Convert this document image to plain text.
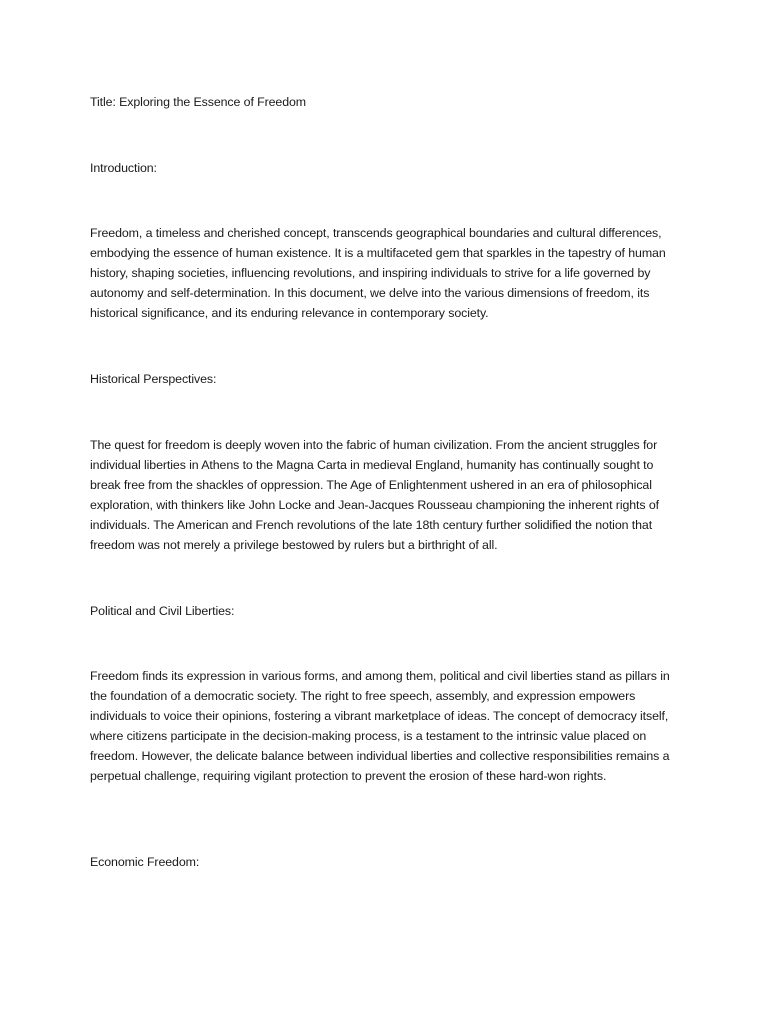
Title: Exploring the Essence of Freedom

Introduction:

Freedom, a timeless and cherished concept, transcends geographical boundaries and cultural differences, embodying the essence of human existence. It is a multifaceted gem that sparkles in the tapestry of human history, shaping societies, influencing revolutions, and inspiring individuals to strive for a life governed by autonomy and self-determination. In this document, we delve into the various dimensions of freedom, its historical significance, and its enduring relevance in contemporary society.

Historical Perspectives:

The quest for freedom is deeply woven into the fabric of human civilization. From the ancient struggles for individual liberties in Athens to the Magna Carta in medieval England, humanity has continually sought to break free from the shackles of oppression. The Age of Enlightenment ushered in an era of philosophical exploration, with thinkers like John Locke and Jean-Jacques Rousseau championing the inherent rights of individuals. The American and French revolutions of the late 18th century further solidified the notion that freedom was not merely a privilege bestowed by rulers but a birthright of all.

Political and Civil Liberties:

Freedom finds its expression in various forms, and among them, political and civil liberties stand as pillars in the foundation of a democratic society. The right to free speech, assembly, and expression empowers individuals to voice their opinions, fostering a vibrant marketplace of ideas. The concept of democracy itself, where citizens participate in the decision-making process, is a testament to the intrinsic value placed on freedom. However, the delicate balance between individual liberties and collective responsibilities remains a perpetual challenge, requiring vigilant protection to prevent the erosion of these hard-won rights.

Economic Freedom:
